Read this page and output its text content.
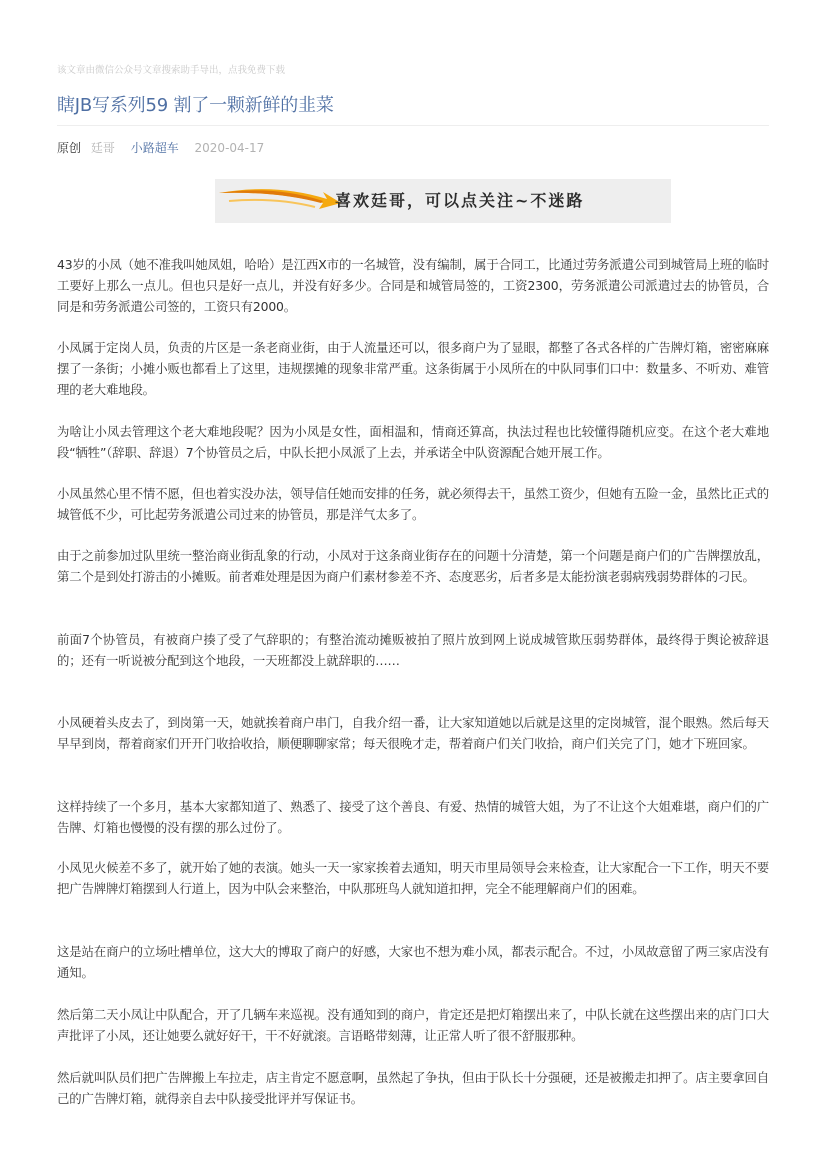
该文章由微信公众号文章搜索助手导出，点我免费下载
瞎JB写系列59 割了一颗新鲜的韭菜
原创 廷哥 小路超车 2020-04-17
喜欢廷哥，可以点关注~不迷路

43岁的小凤（她不准我叫她凤姐，哈哈）是江西X市的一名城管，没有编制，属于合同工，比通过劳务派遣公司到城管局上班的临时工要好上那么一点儿。但也只是好一点儿，并没有好多少。合同是和城管局签的，工资2300，劳务派遣公司派遣过去的协管员，合同是和劳务派遣公司签的，工资只有2000。

小凤属于定岗人员，负责的片区是一条老商业街，由于人流量还可以，很多商户为了显眼，都整了各式各样的广告牌灯箱，密密麻麻摆了一条街；小摊小贩也都看上了这里，违规摆摊的现象非常严重。这条街属于小凤所在的中队同事们口中：数量多、不听劝、难管理的老大难地段。

为啥让小凤去管理这个老大难地段呢？因为小凤是女性，面相温和，情商还算高，执法过程也比较懂得随机应变。在这个老大难地段“牺牲”（辞职、辞退）7个协管员之后，中队长把小凤派了上去，并承诺全中队资源配合她开展工作。

小凤虽然心里不情不愿，但也着实没办法，领导信任她而安排的任务，就必须得去干，虽然工资少，但她有五险一金，虽然比正式的城管低不少，可比起劳务派遣公司过来的协管员，那是洋气太多了。

由于之前参加过队里统一整治商业街乱象的行动，小凤对于这条商业街存在的问题十分清楚，第一个问题是商户们的广告牌摆放乱，第二个是到处打游击的小摊贩。前者难处理是因为商户们素材参差不齐、态度恶劣，后者多是太能扮演老弱病残弱势群体的刁民。

前面7个协管员，有被商户揍了受了气辞职的；有整治流动摊贩被拍了照片放到网上说成城管欺压弱势群体，最终得于舆论被辞退的；还有一听说被分配到这个地段，一天班都没上就辞职的……

小凤硬着头皮去了，到岗第一天，她就挨着商户串门，自我介绍一番，让大家知道她以后就是这里的定岗城管，混个眼熟。然后每天早早到岗，帮着商家们开开门收拾收拾，顺便聊聊家常；每天很晚才走，帮着商户们关门收拾，商户们关完了门，她才下班回家。

这样持续了一个多月，基本大家都知道了、熟悉了、接受了这个善良、有爱、热情的城管大姐，为了不让这个大姐难堪，商户们的广告牌、灯箱也慢慢的没有摆的那么过份了。

小凤见火候差不多了，就开始了她的表演。她头一天一家家挨着去通知，明天市里局领导会来检查，让大家配合一下工作，明天不要把广告牌牌灯箱摆到人行道上，因为中队会来整治，中队那班鸟人就知道扣押，完全不能理解商户们的困难。

这是站在商户的立场吐槽单位，这大大的博取了商户的好感，大家也不想为难小凤，都表示配合。不过，小凤故意留了两三家店没有通知。

然后第二天小凤让中队配合，开了几辆车来巡视。没有通知到的商户，肯定还是把灯箱摆出来了，中队长就在这些摆出来的店门口大声批评了小凤，还让她要么就好好干，干不好就滚。言语略带刻薄，让正常人听了很不舒服那种。

然后就叫队员们把广告牌搬上车拉走，店主肯定不愿意啊，虽然起了争执，但由于队长十分强硬，还是被搬走扣押了。店主要拿回自己的广告牌灯箱，就得亲自去中队接受批评并写保证书。
